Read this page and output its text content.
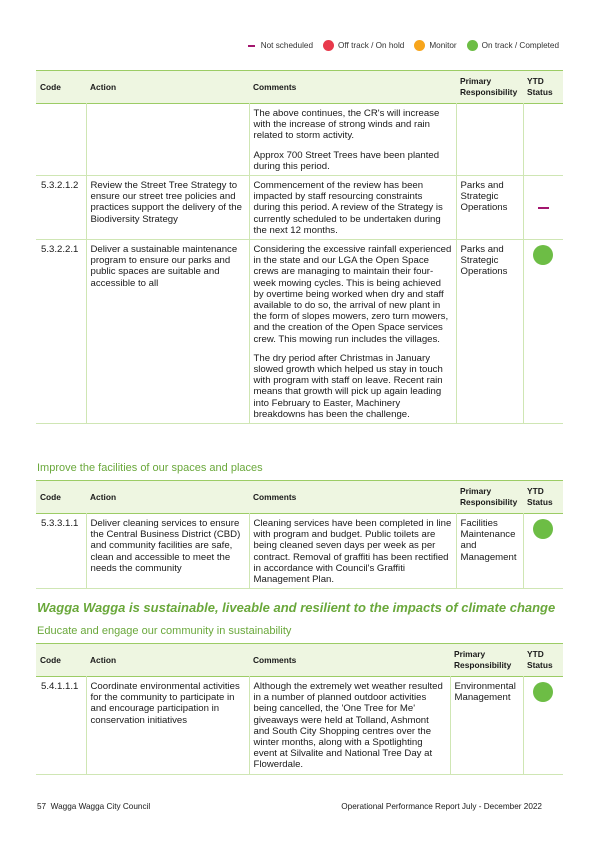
Not scheduled	Off track / On hold	Monitor	On track / Completed
Code	Action	Comments	Primary
Responsibility	YTD
Status

		The above continues, the CR's will increase with the increase of strong winds and rain related to storm activity.
Approx 700 Street Trees have been planted during this period.		

5.3.2.1.2	Review the Street Tree Strategy to ensure our street tree policies and practices support the delivery of the Biodiversity Strategy	Commencement of the review has been impacted by staff resourcing constraints during this period. A review of the Strategy is currently scheduled to be undertaken during the next 12 months.	Parks and Strategic Operations	

5.3.2.2.1	Deliver a sustainable maintenance program to ensure our parks and public spaces are suitable and accessible to all	Considering the excessive rainfall experienced in the state and our LGA the Open Space crews are managing to maintain their four-week mowing cycles. This is being achieved by overtime being worked when dry and staff available to do so, the arrival of new plant in the form of slopes mowers, zero turn mowers, and the creation of the Open Space services crew. This mowing run includes the villages.
The dry period after Christmas in January slowed growth which helped us stay in touch with program with staff on leave. Recent rain means that growth will pick up again leading into February to Easter, Machinery breakdowns has been the challenge.	Parks and Strategic Operations	
Improve the facilities of our spaces and places
Code	Action	Comments	Primary
Responsibility	YTD
Status
5.3.3.1.1	Deliver cleaning services to ensure the Central Business District (CBD) and community facilities are safe, clean and accessible to meet the needs the community	Cleaning services have been completed in line with program and budget. Public toilets are being cleaned seven days per week as per contract. Removal of graffiti has been rectified in accordance with Council's Graffiti Management Plan.	Facilities Maintenance and Management	
Wagga Wagga is sustainable, liveable and resilient to the impacts of climate change
Educate and engage our community in sustainability
Code	Action	Comments	Primary
Responsibility	YTD
Status
5.4.1.1.1	Coordinate environmental activities for the community to participate in and encourage participation in conservation initiatives	Although the extremely wet weather resulted in a number of planned outdoor activities being cancelled, the 'One Tree for Me' giveaways were held at Tolland, Ashmont and South City Shopping centres over the winter months, along with a Spotlighting event at Silvalite and National Tree Day at Flowerdale.	Environmental Management	
57 Wagga Wagga City Council	Operational Performance Report July - December 2022
